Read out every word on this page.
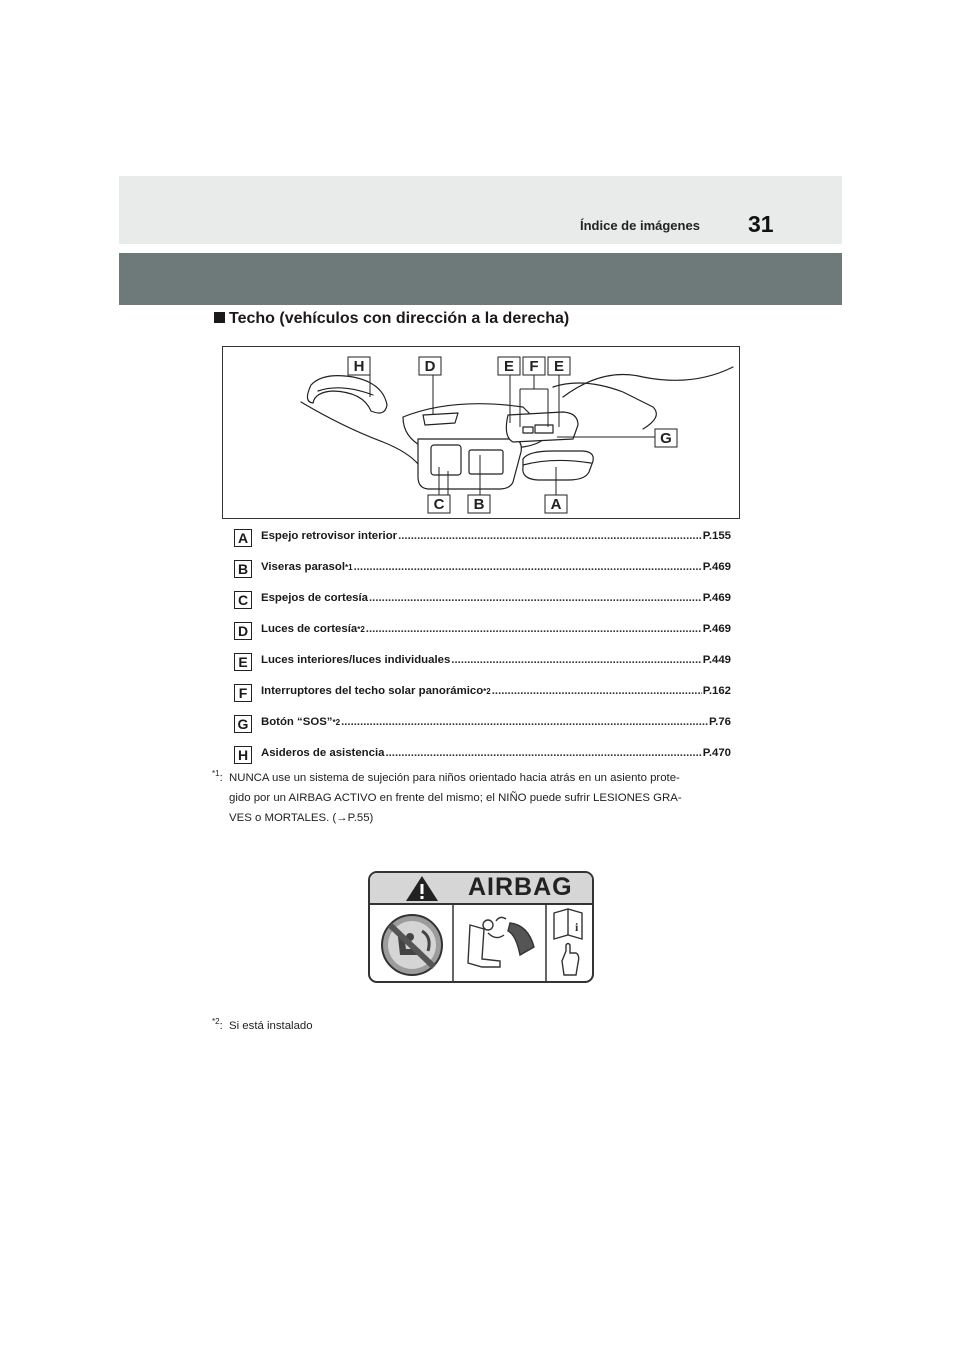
Índice de imágenes 31
Techo (vehículos con dirección a la derecha)
H	D	E F E
G
C B	A
A	Espejo retrovisor interior .....	P.155
B	Viseras parasol *1 .....	P.469
C	Espejos de cortesía .....	P.469
D	Luces de cortesía *2 .....	P.469
E	Luces interiores/luces individuales .....	P.449
F	Interruptores del techo solar panorámico *2 .....	P.162
G	Botón “SOS” *2 .....	P.76
H	Asideros de asistencia .....	P.470
$^{*1}$: NUNCA use un sistema de sujeción para niños orientado hacia atrás en un asiento prote-
gido por un AIRBAG ACTIVO en frente del mismo; el NIÑO puede sufrir LESIONES GRA-
VES o MORTALES. (→P.55)
AIRBAG
i
$^{*2}$: Si está instalado
